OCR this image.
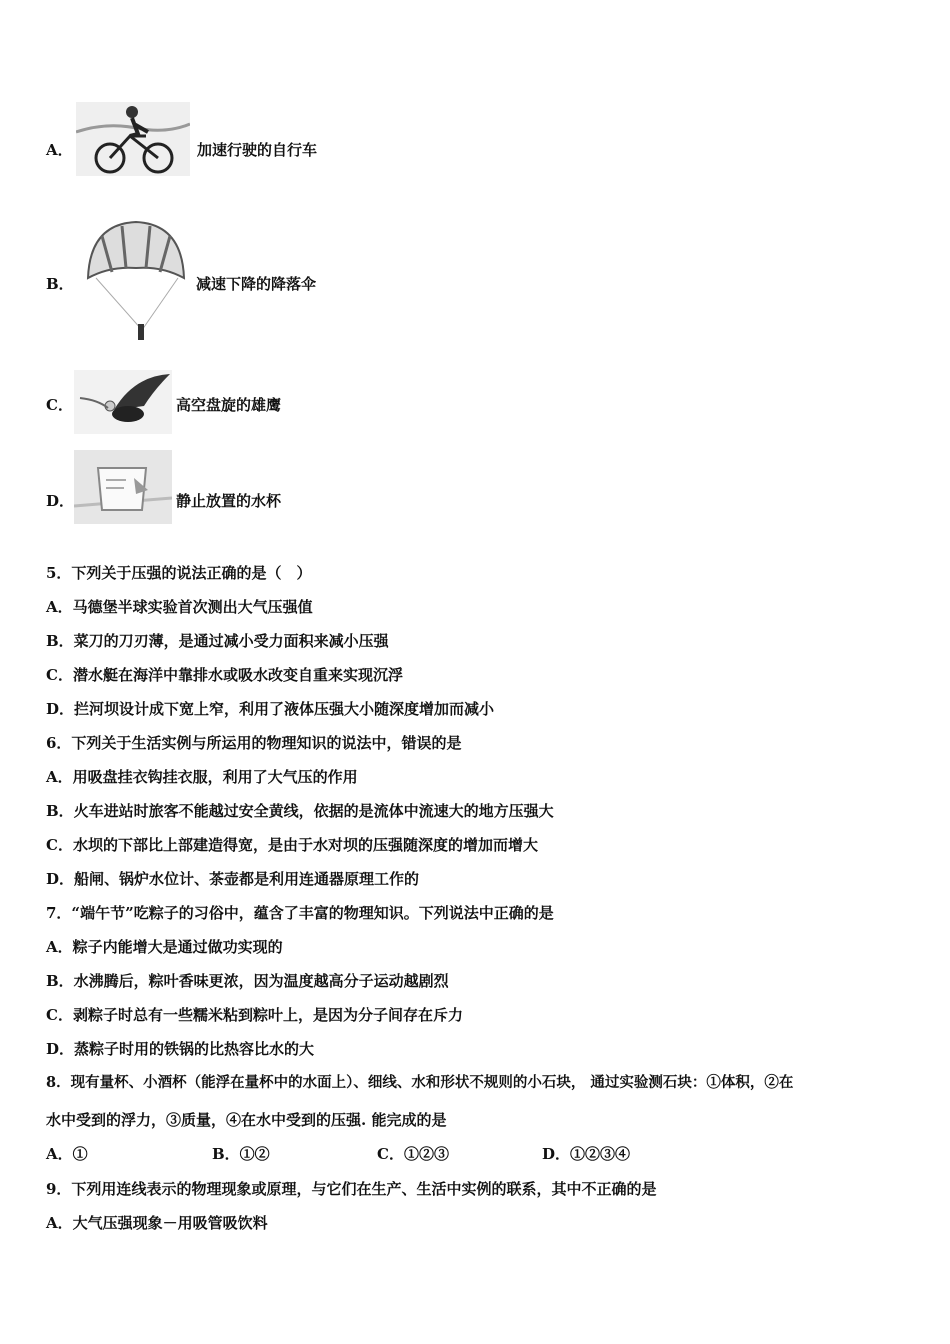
A．	加速行驶的自行车
B．	减速下降的降落伞
C．	高空盘旋的雄鹰
D．	静止放置的水杯
5．下列关于压强的说法正确的是（　）
A．马德堡半球实验首次测出大气压强值
B．菜刀的刀刃薄，是通过减小受力面积来减小压强
C．潜水艇在海洋中靠排水或吸水改变自重来实现沉浮
D．拦河坝设计成下宽上窄，利用了液体压强大小随深度增加而减小
6．下列关于生活实例与所运用的物理知识的说法中，错误的是
A．用吸盘挂衣钩挂衣服，利用了大气压的作用
B．火车进站时旅客不能越过安全黄线，依据的是流体中流速大的地方压强大
C．水坝的下部比上部建造得宽，是由于水对坝的压强随深度的增加而增大
D．船闸、锅炉水位计、茶壶都是利用连通器原理工作的
7．“端午节”吃粽子的习俗中，蕴含了丰富的物理知识。下列说法中正确的是
A．粽子内能增大是通过做功实现的
B．水沸腾后，粽叶香味更浓，因为温度越高分子运动越剧烈
C．剥粽子时总有一些糯米粘到粽叶上，是因为分子间存在斥力
D．蒸粽子时用的铁锅的比热容比水的大
8．现有量杯、小酒杯（能浮在量杯中的水面上）、细线、水和形状不规则的小石块， 通过实验测石块：①体积，②在
水中受到的浮力，③质量，④在水中受到的压强. 能完成的是
A．①	B．①②	C．①②③	D．①②③④
9．下列用连线表示的物理现象或原理，与它们在生产、生活中实例的联系，其中不正确的是
A．大气压强现象－用吸管吸饮料
